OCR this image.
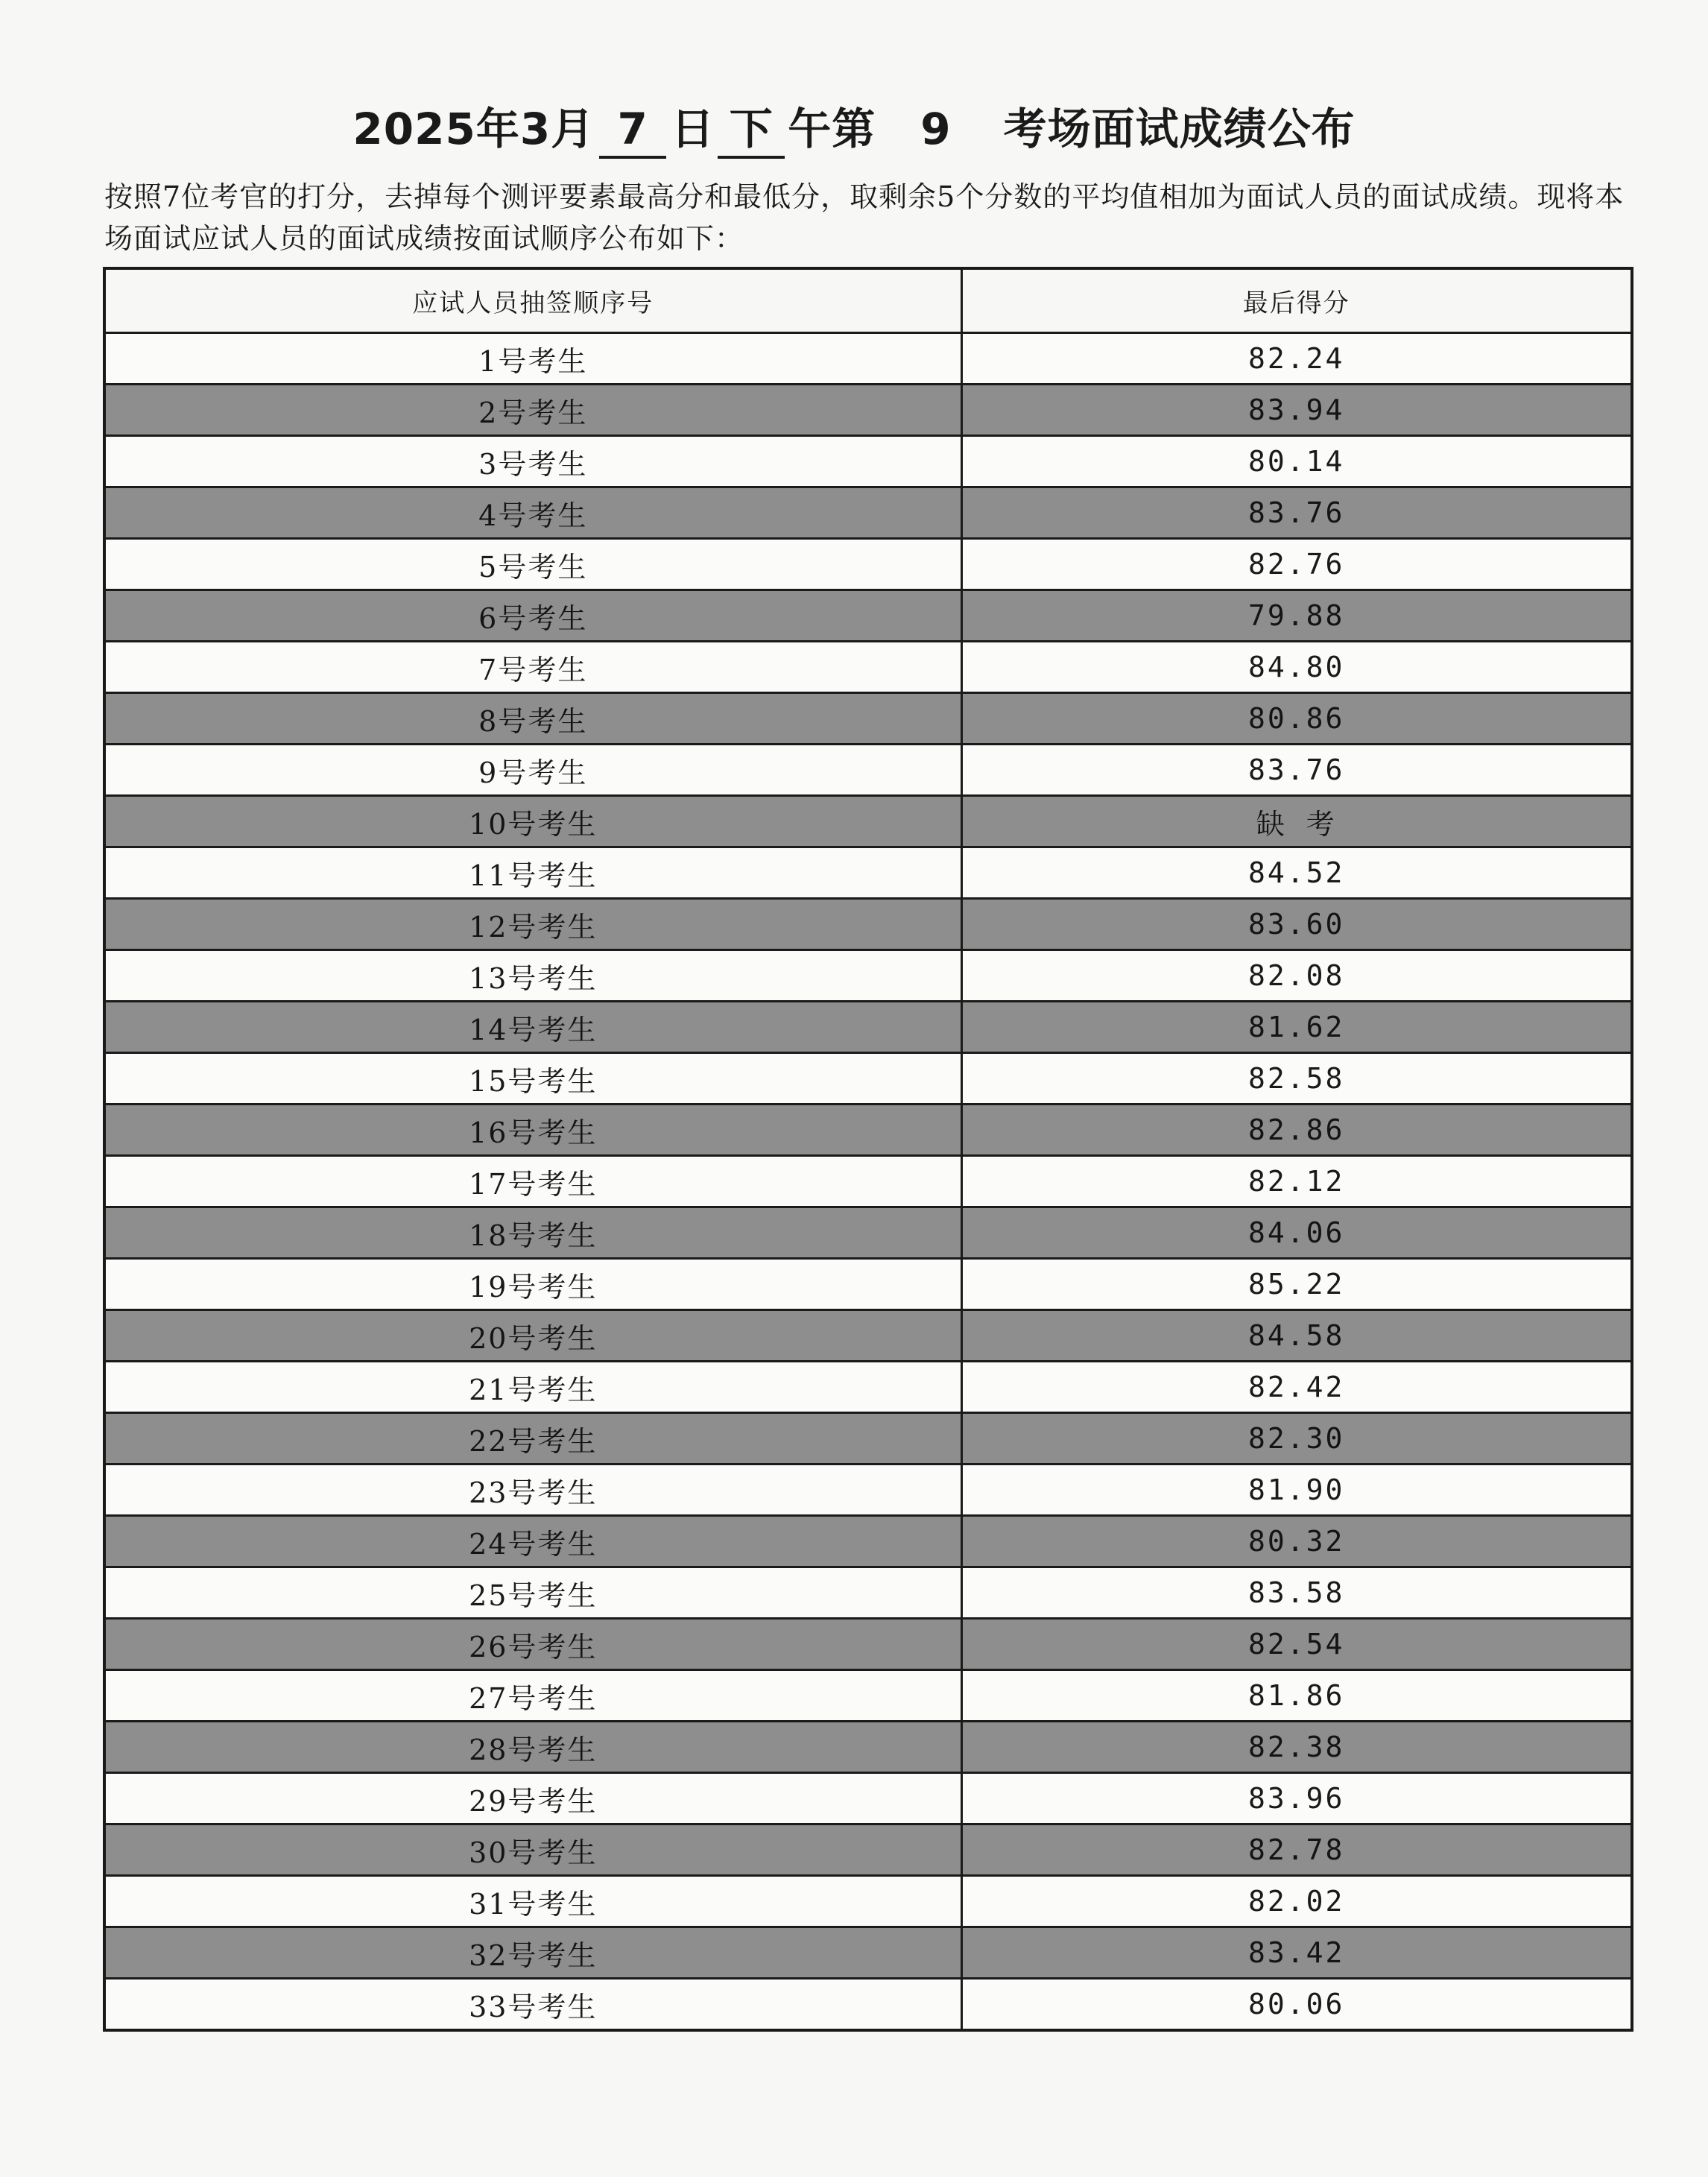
2025年3月 7 日 下 午第 9 考场面试成绩公布
按照7位考官的打分，去掉每个测评要素最高分和最低分，取剩余5个分数的平均值相加为面试人员的面试成绩。现将本场面试应试人员的面试成绩按面试顺序公布如下：
应试人员抽签顺序号	最后得分
1号考生	82.24
2号考生	83.94
3号考生	80.14
4号考生	83.76
5号考生	82.76
6号考生	79.88
7号考生	84.80
8号考生	80.86
9号考生	83.76
10号考生	缺 考
11号考生	84.52
12号考生	83.60
13号考生	82.08
14号考生	81.62
15号考生	82.58
16号考生	82.86
17号考生	82.12
18号考生	84.06
19号考生	85.22
20号考生	84.58
21号考生	82.42
22号考生	82.30
23号考生	81.90
24号考生	80.32
25号考生	83.58
26号考生	82.54
27号考生	81.86
28号考生	82.38
29号考生	83.96
30号考生	82.78
31号考生	82.02
32号考生	83.42
33号考生	80.06
